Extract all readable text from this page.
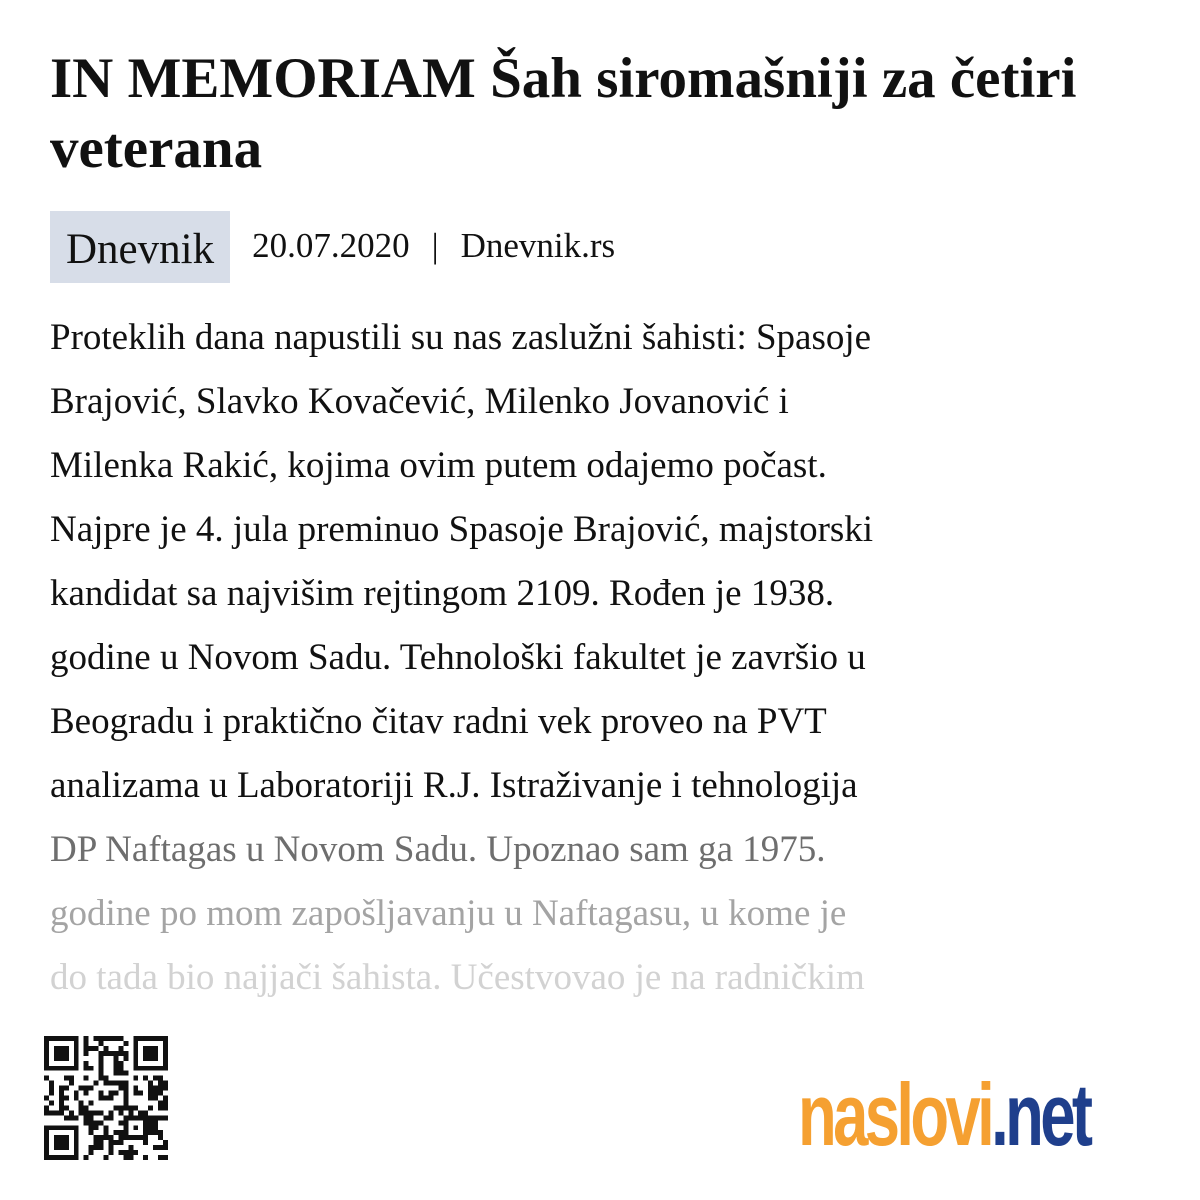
IN MEMORIAM Šah siromašniji za četiri veterana
Dnevnik	20.07.2020 | Dnevnik.rs
Proteklih dana napustili su nas zaslužni šahisti: Spasoje
Brajović, Slavko Kovačević, Milenko Jovanović i
Milenka Rakić, kojima ovim putem odajemo počast.
Najpre je 4. jula preminuo Spasoje Brajović, majstorski
kandidat sa najvišim rejtingom 2109. Rođen je 1938.
godine u Novom Sadu. Tehnološki fakultet je završio u
Beogradu i praktično čitav radni vek proveo na PVT
analizama u Laboratoriji R.J. Istraživanje i tehnologija
DP Naftagas u Novom Sadu. Upoznao sam ga 1975.
godine po mom zapošljavanju u Naftagasu, u kome je
do tada bio najjači šahista. Učestvovao je na radničkim
naslovi.net
